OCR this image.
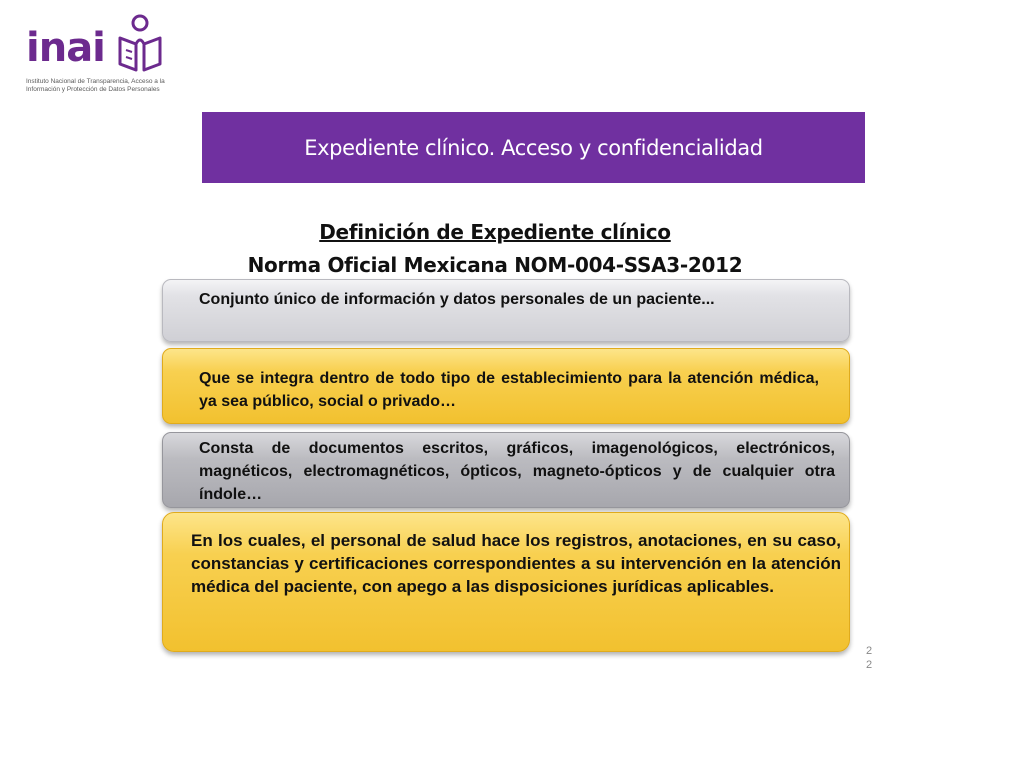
inai
Instituto Nacional de Transparencia, Acceso a la
Información y Protección de Datos Personales
Expediente clínico. Acceso y confidencialidad
Definición de Expediente clínico
Norma Oficial Mexicana NOM-004-SSA3-2012

Conjunto único de información y datos personales de un paciente...

Que se integra dentro de todo tipo de establecimiento para la atención médica, ya sea público, social o privado…

Consta de documentos escritos, gráficos, imagenológicos, electrónicos, magnéticos, electromagnéticos, ópticos, magneto-ópticos y de cualquier otra índole…

En los cuales, el personal de salud hace los registros, anotaciones, en su caso, constancias y certificaciones correspondientes a su intervención en la atención médica del paciente, con apego a las disposiciones jurídicas aplicables.

22
